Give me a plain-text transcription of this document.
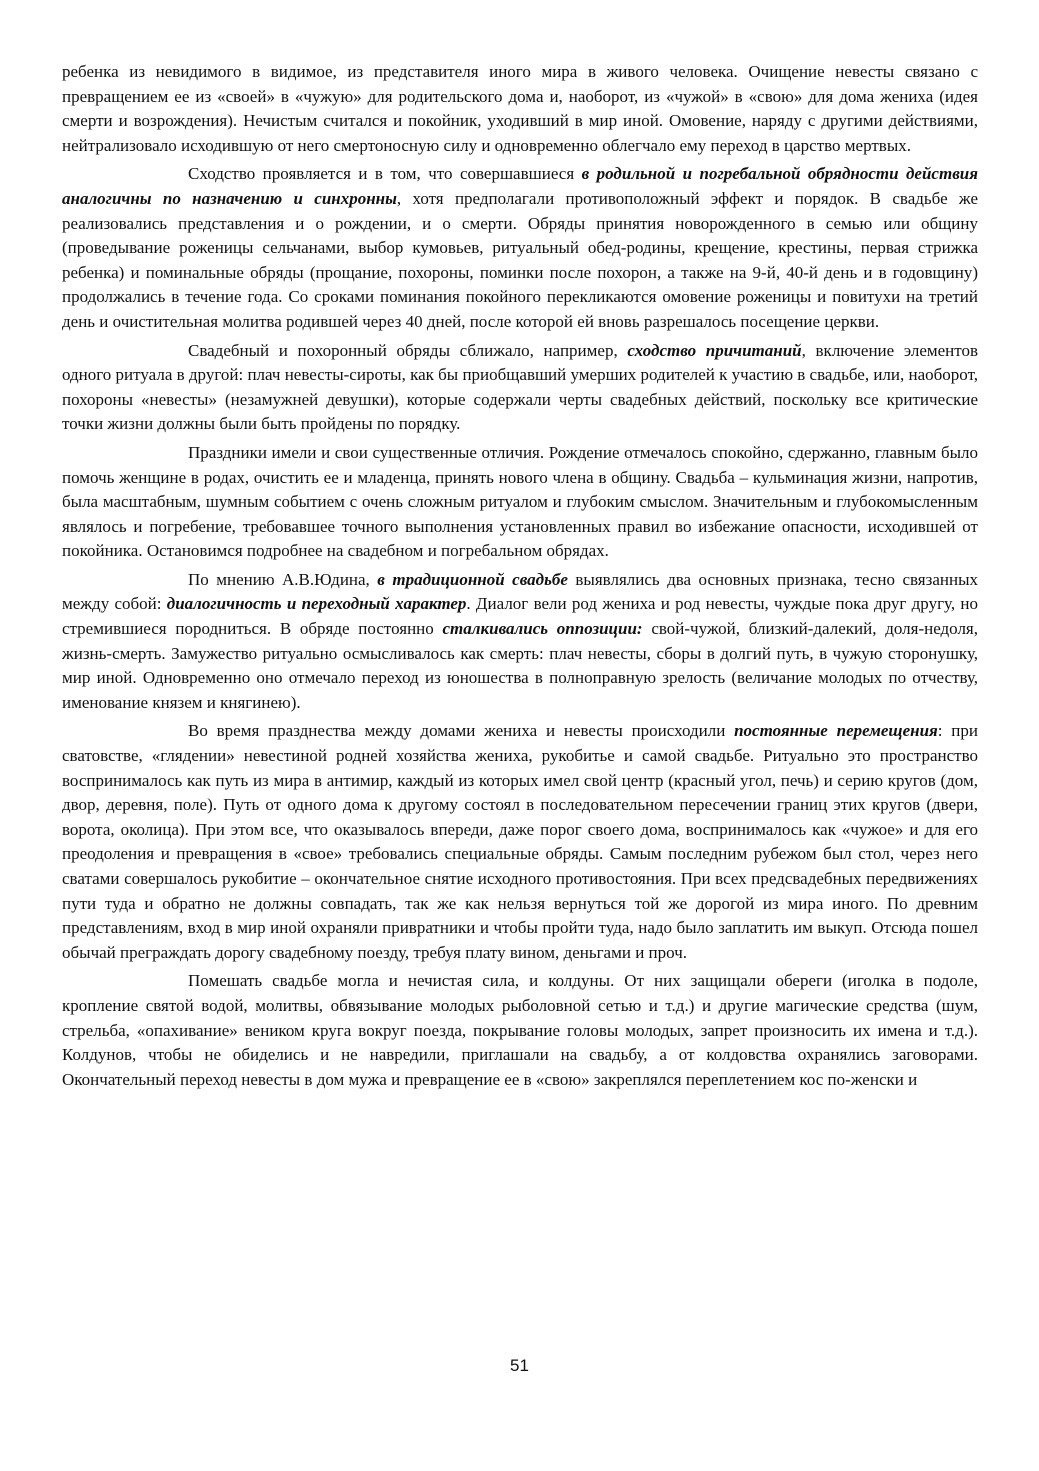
ребенка из невидимого в видимое, из представителя иного мира в живого человека. Очищение невесты связано с превращением ее из «своей» в «чужую» для родительского дома и, наоборот, из «чужой» в «свою» для дома жениха (идея смерти и возрождения). Нечистым считался и покойник, уходивший в мир иной. Омовение, наряду с другими действиями, нейтрализовало исходившую от него смертоносную силу и одновременно облегчало ему переход в царство мертвых.

Сходство проявляется и в том, что совершавшиеся в родильной и погребальной обрядности действия аналогичны по назначению и синхронны, хотя предполагали противоположный эффект и порядок. В свадьбе же реализовались представления и о рождении, и о смерти. Обряды принятия новорожденного в семью или общину (проведывание роженицы сельчанами, выбор кумовьев, ритуальный обед-родины, крещение, крестины, первая стрижка ребенка) и поминальные обряды (прощание, похороны, поминки после похорон, а также на 9-й, 40-й день и в годовщину) продолжались в течение года. Со сроками поминания покойного перекликаются омовение роженицы и повитухи на третий день и очистительная молитва родившей через 40 дней, после которой ей вновь разрешалось посещение церкви.

Свадебный и похоронный обряды сближало, например, сходство причитаний, включение элементов одного ритуала в другой: плач невесты-сироты, как бы приобщавший умерших родителей к участию в свадьбе, или, наоборот, похороны «невесты» (незамужней девушки), которые содержали черты свадебных действий, поскольку все критические точки жизни должны были быть пройдены по порядку.

Праздники имели и свои существенные отличия. Рождение отмечалось спокойно, сдержанно, главным было помочь женщине в родах, очистить ее и младенца, принять нового члена в общину. Свадьба – кульминация жизни, напротив, была масштабным, шумным событием с очень сложным ритуалом и глубоким смыслом. Значительным и глубокомысленным являлось и погребение, требовавшее точного выполнения установленных правил во избежание опасности, исходившей от покойника. Остановимся подробнее на свадебном и погребальном обрядах.

По мнению А.В.Юдина, в традиционной свадьбе выявлялись два основных признака, тесно связанных между собой: диалогичность и переходный характер. Диалог вели род жениха и род невесты, чуждые пока друг другу, но стремившиеся породниться. В обряде постоянно сталкивались оппозиции: свой-чужой, близкий-далекий, доля-недоля, жизнь-смерть. Замужество ритуально осмысливалось как смерть: плач невесты, сборы в долгий путь, в чужую сторонушку, мир иной. Одновременно оно отмечало переход из юношества в полноправную зрелость (величание молодых по отчеству, именование князем и княгинею).

Во время празднества между домами жениха и невесты происходили постоянные перемещения: при сватовстве, «глядении» невестиной родней хозяйства жениха, рукобитье и самой свадьбе. Ритуально это пространство воспринималось как путь из мира в антимир, каждый из которых имел свой центр (красный угол, печь) и серию кругов (дом, двор, деревня, поле). Путь от одного дома к другому состоял в последовательном пересечении границ этих кругов (двери, ворота, околица). При этом все, что оказывалось впереди, даже порог своего дома, воспринималось как «чужое» и для его преодоления и превращения в «свое» требовались специальные обряды. Самым последним рубежом был стол, через него сватами совершалось рукобитие – окончательное снятие исходного противостояния. При всех предсвадебных передвижениях пути туда и обратно не должны совпадать, так же как нельзя вернуться той же дорогой из мира иного. По древним представлениям, вход в мир иной охраняли привратники и чтобы пройти туда, надо было заплатить им выкуп. Отсюда пошел обычай преграждать дорогу свадебному поезду, требуя плату вином, деньгами и проч.

Помешать свадьбе могла и нечистая сила, и колдуны. От них защищали обереги (иголка в подоле, кропление святой водой, молитвы, обвязывание молодых рыболовной сетью и т.д.) и другие магические средства (шум, стрельба, «опахивание» веником круга вокруг поезда, покрывание головы молодых, запрет произносить их имена и т.д.). Колдунов, чтобы не обиделись и не навредили, приглашали на свадьбу, а от колдовства охранялись заговорами. Окончательный переход невесты в дом мужа и превращение ее в «свою» закреплялся переплетением кос по-женски и

51
